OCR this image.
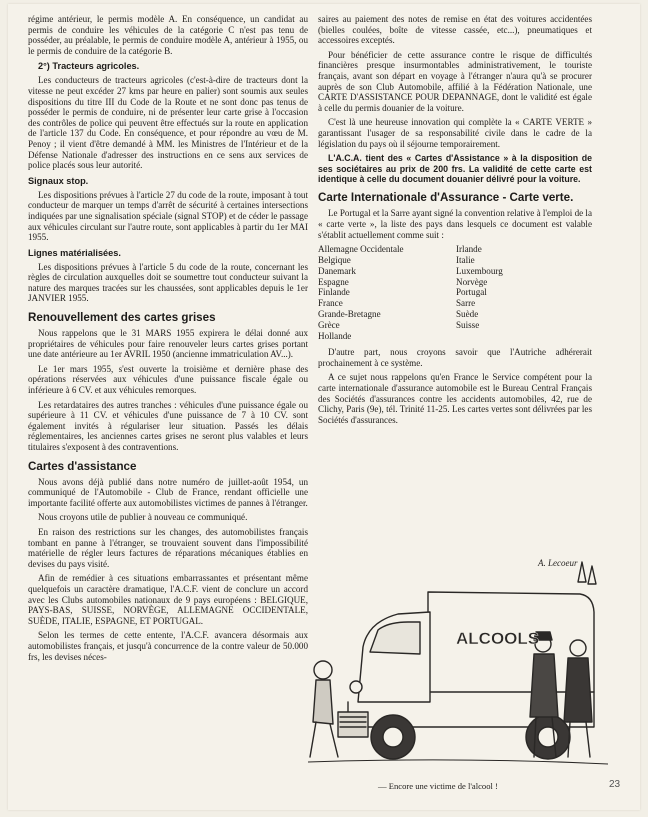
régime antérieur, le permis modèle A. En conséquence, un candidat au permis de conduire les véhicules de la catégorie C n'est pas tenu de posséder, au préalable, le permis de conduire modèle A, antérieur à 1955, ou le permis de conduire de la catégorie B.

2°) Tracteurs agricoles.

Les conducteurs de tracteurs agricoles (c'est-à-dire de tracteurs dont la vitesse ne peut excéder 27 kms par heure en palier) sont soumis aux seules dispositions du titre III du Code de la Route et ne sont donc pas tenus de posséder le permis de conduire, ni de présenter leur carte grise à l'occasion des contrôles de police qui peuvent être effectués sur la route en application de l'article 137 du Code. En conséquence, et pour répondre au vœu de M. Penoy ; il vient d'être demandé à MM. les Ministres de l'Intérieur et de la Défense Nationale d'adresser des instructions en ce sens aux services de police placés sous leur autorité.

Signaux stop.

Les dispositions prévues à l'article 27 du code de la route, imposant à tout conducteur de marquer un temps d'arrêt de sécurité à certaines intersections indiquées par une signalisation spéciale (signal STOP) et de céder le passage aux véhicules circulant sur l'autre route, sont applicables à partir du 1er MAI 1955.

Lignes matérialisées.

Les dispositions prévues à l'article 5 du code de la route, concernant les règles de circulation auxquelles doit se soumettre tout conducteur suivant la nature des marques tracées sur les chaussées, sont applicables depuis le 1er JANVIER 1955.

Renouvellement des cartes grises

Nous rappelons que le 31 MARS 1955 expirera le délai donné aux propriétaires de véhicules pour faire renouveler leurs cartes grises portant une date antérieure au 1er AVRIL 1950 (ancienne immatriculation AV...).

Le 1er mars 1955, s'est ouverte la troisième et dernière phase des opérations réservées aux véhicules d'une puissance fiscale égale ou inférieure à 6 CV. et aux véhicules remorques.

Les retardataires des autres tranches : véhicules d'une puissance égale ou supérieure à 11 CV. et véhicules d'une puissance de 7 à 10 CV. sont également invités à régulariser leur situation. Passés les délais réglementaires, les anciennes cartes grises ne seront plus valables et leurs titulaires s'exposent à des contraventions.

Cartes d'assistance

Nous avons déjà publié dans notre numéro de juillet-août 1954, un communiqué de l'Automobile - Club de France, rendant officielle une importante facilité offerte aux automobilistes victimes de pannes à l'étranger.

Nous croyons utile de publier à nouveau ce communiqué.

En raison des restrictions sur les changes, des automobilistes français tombant en panne à l'étranger, se trouvaient souvent dans l'impossibilité matérielle de régler leurs factures de réparations mécaniques établies en devises du pays visité.

Afin de remédier à ces situations embarrassantes et présentant même quelquefois un caractère dramatique, l'A.C.F. vient de conclure un accord avec les Clubs automobiles nationaux de 9 pays européens : BELGIQUE, PAYS-BAS, SUISSE, NORVÈGE, ALLEMAGNE OCCIDENTALE, SUÈDE, ITALIE, ESPAGNE, ET PORTUGAL.

Selon les termes de cette entente, l'A.C.F. avancera désormais aux automobilistes français, et jusqu'à concurrence de la contre valeur de 50.000 frs, les devises néces-

saires au paiement des notes de remise en état des voitures accidentées (bielles coulées, boîte de vitesse cassée, etc...), pneumatiques et accessoires exceptés.

Pour bénéficier de cette assurance contre le risque de difficultés financières presque insurmontables administrativement, le touriste français, avant son départ en voyage à l'étranger n'aura qu'à se procurer auprès de son Club Automobile, affilié à la Fédération Nationale, une CARTE D'ASSISTANCE POUR DEPANNAGE, dont le validité est égale à celle du permis douanier de la voiture.

C'est là une heureuse innovation qui complète la « CARTE VERTE » garantissant l'usager de sa responsabilité civile dans le cadre de la législation du pays où il séjourne temporairement.

L'A.C.A. tient des « Cartes d'Assistance » à la disposition de ses sociétaires au prix de 200 frs. La validité de cette carte est identique à celle du document douanier délivré pour la voiture.

Carte Internationale d'Assurance - Carte verte.

Le Portugal et la Sarre ayant signé la convention relative à l'emploi de la « carte verte », la liste des pays dans lesquels ce document est valable s'établit actuellement comme suit :

Allemagne Occidentale
Belgique
Danemark
Espagne
Finlande
France
Grande-Bretagne
Grèce
Hollande
Irlande
Italie
Luxembourg
Norvège
Portugal
Sarre
Suède
Suisse

D'autre part, nous croyons savoir que l'Autriche adhérerait prochainement à ce système.

A ce sujet nous rappelons qu'en France le Service compétent pour la carte internationale d'assurance automobile est le Bureau Central Français des Sociétés d'assurances contre les accidents automobiles, 42, rue de Clichy, Paris (9e), tél. Trinité 11-25. Les cartes vertes sont délivrées par les Sociétés d'assurances.

ALCOOLS
A. Lecoeur
— Encore une victime de l'alcool !	23
